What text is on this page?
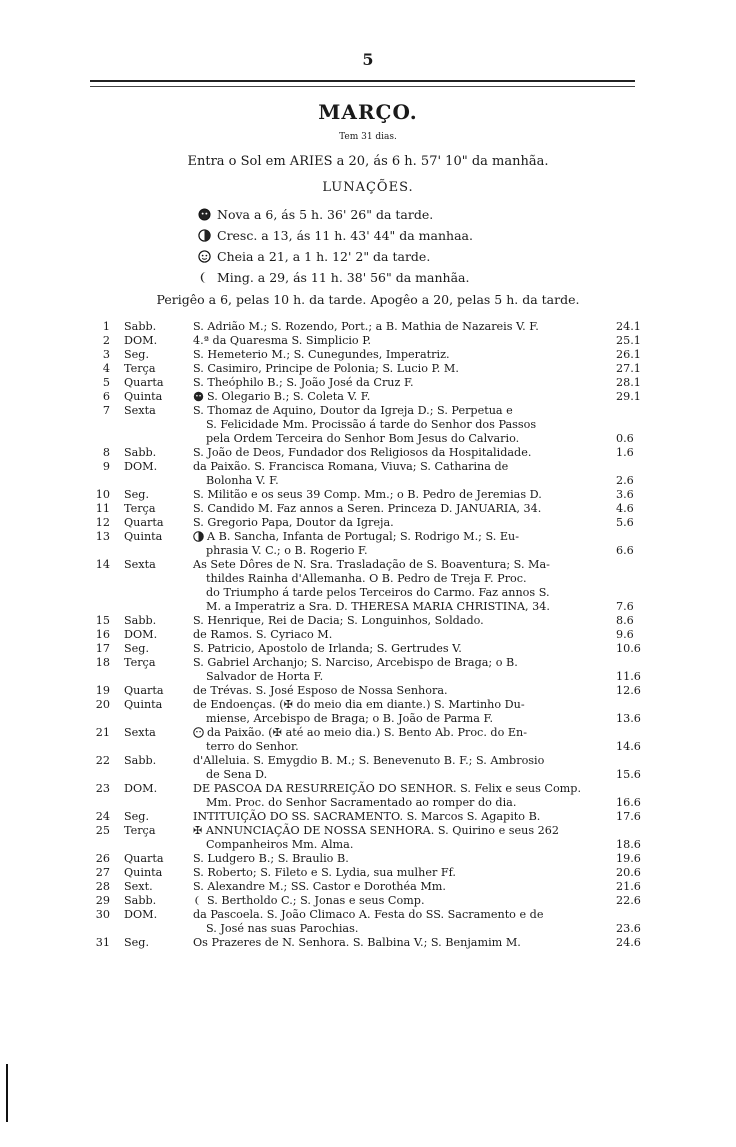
5
MARÇO.
Tem 31 dias.
Entra o Sol em ARIES a 20, ás 6 h. 57' 10" da manhãa.
LUNAÇÕES.
Nova a 6, ás 5 h. 36' 26" da tarde.
Cresc. a 13, ás 11 h. 43' 44" da manhaa.
Cheia a 21, a 1 h. 12' 2" da tarde.
Ming. a 29, ás 11 h. 38' 56" da manhãa.
Perigêo a 6, pelas 10 h. da tarde. Apogêo a 20, pelas 5 h. da tarde.
1 Sabb.	S. Adrião M.; S. Rozendo, Port.; a B. Mathia de Nazareis V. F.	24.1
2 DOM.	4.ª da Quaresma S. Simplicio P.	25.1
3 Seg.	S. Hemeterio M.; S. Cunegundes, Imperatriz.	26.1
4 Terça	S. Casimiro, Principe de Polonia; S. Lucio P. M.	27.1
5 Quarta	S. Theóphilo B.; S. João José da Cruz F.	28.1
6 Quinta	S. Olegario B.; S. Coleta V. F.	29.1
7 Sexta	S. Thomaz de Aquino, Doutor da Igreja D.; S. Perpetua e
S. Felicidade Mm. Procissão á tarde do Senhor dos Passos
pela Ordem Terceira do Senhor Bom Jesus do Calvario.	0.6
8 Sabb.	S. João de Deos, Fundador dos Religiosos da Hospitalidade.	1.6
9 DOM.	da Paixão. S. Francisca Romana, Viuva; S. Catharina de
Bolonha V. F.	2.6
10 Seg.	S. Militão e os seus 39 Comp. Mm.; o B. Pedro de Jeremias D.	3.6
11 Terça	S. Candido M. Faz annos a Seren. Princeza D. JANUARIA, 34.	4.6
12 Quarta	S. Gregorio Papa, Doutor da Igreja.	5.6
13 Quinta	A B. Sancha, Infanta de Portugal; S. Rodrigo M.; S. Eu-
phrasia V. C.; o B. Rogerio F.	6.6
14 Sexta	As Sete Dôres de N. Sra. Trasladação de S. Boaventura; S. Ma-
thildes Rainha d'Allemanha. O B. Pedro de Treja F. Proc.
do Triumpho á tarde pelos Terceiros do Carmo. Faz annos S.
M. a Imperatriz a Sra. D. THERESA MARIA CHRISTINA, 34.	7.6
15 Sabb.	S. Henrique, Rei de Dacia; S. Longuinhos, Soldado.	8.6
16 DOM.	de Ramos. S. Cyriaco M.	9.6
17 Seg.	S. Patricio, Apostolo de Irlanda; S. Gertrudes V.	10.6
18 Terça	S. Gabriel Archanjo; S. Narciso, Arcebispo de Braga; o B.
Salvador de Horta F.	11.6
19 Quarta	de Trévas. S. José Esposo de Nossa Senhora.	12.6
20 Quinta	de Endoenças. (✠ do meio dia em diante.) S. Martinho Du-
miense, Arcebispo de Braga; o B. João de Parma F.	13.6
21 Sexta	da Paixão. (✠ até ao meio dia.) S. Bento Ab. Proc. do En-
terro do Senhor.	14.6
22 Sabb.	d'Alleluia. S. Emygdio B. M.; S. Benevenuto B. F.; S. Ambrosio
de Sena D.	15.6
23 DOM.	DE PASCOA DA RESURREIÇÃO DO SENHOR. S. Felix e seus Comp.
Mm. Proc. do Senhor Sacramentado ao romper do dia.	16.6
24 Seg.	INTITUIÇÃO DO SS. SACRAMENTO. S. Marcos S. Agapito B.	17.6
25 Terça	✠ ANNUNCIAÇÃO DE NOSSA SENHORA. S. Quirino e seus 262
Companheiros Mm. Alma.	18.6
26 Quarta	S. Ludgero B.; S. Braulio B.	19.6
27 Quinta	S. Roberto; S. Fileto e S. Lydia, sua mulher Ff.	20.6
28 Sext.	S. Alexandre M.; SS. Castor e Dorothéa Mm.	21.6
29 Sabb.	S. Bertholdo C.; S. Jonas e seus Comp.	22.6
30 DOM.	da Pascoela. S. João Climaco A. Festa do SS. Sacramento e de
S. José nas suas Parochias.	23.6
31 Seg.	Os Prazeres de N. Senhora. S. Balbina V.; S. Benjamim M.	24.6
